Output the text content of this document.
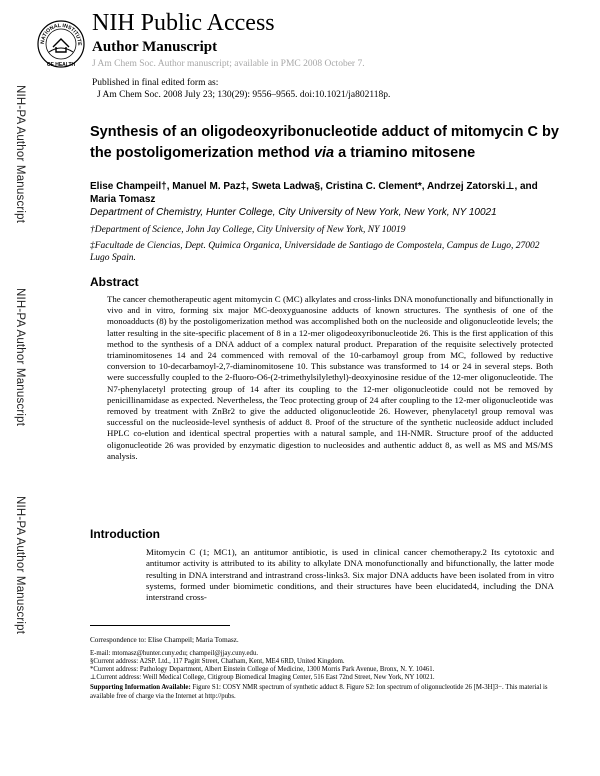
NIH-PA Author Manuscript
NIH-PA Author Manuscript
NIH-PA Author Manuscript
NATIONAL INSTITUTE
OF HEALTH
NIH Public Access
Author Manuscript
J Am Chem Soc. Author manuscript; available in PMC 2008 October 7.
Published in final edited form as:
J Am Chem Soc. 2008 July 23; 130(29): 9556–9565. doi:10.1021/ja802118p.
Synthesis of an oligodeoxyribonucleotide adduct of mitomycin C by the postoligomerization method via a triamino mitosene
Elise Champeil†, Manuel M. Paz‡, Sweta Ladwa§, Cristina C. Clement*, Andrzej Zatorski⊥, and Maria Tomasz
Department of Chemistry, Hunter College, City University of New York, New York, NY 10021
†Department of Science, John Jay College, City University of New York, NY 10019
‡Facultade de Ciencias, Dept. Quimica Organica, Universidade de Santiago de Compostela, Campus de Lugo, 27002 Lugo Spain.
Abstract
The cancer chemotherapeutic agent mitomycin C (MC) alkylates and cross-links DNA monofunctionally and bifunctionally in vivo and in vitro, forming six major MC-deoxyguanosine adducts of known structures. The synthesis of one of the monoadducts (8) by the postoligomerization method was accomplished both on the nucleoside and oligonucleotide levels; the latter resulting in the site-specific placement of 8 in a 12-mer oligodeoxyribonucleotide 26. This is the first application of this method to the synthesis of a DNA adduct of a complex natural product. Preparation of the requisite selectively protected triaminomitosenes 14 and 24 commenced with removal of the 10-carbamoyl group from MC, followed by reductive conversion to 10-decarbamoyl-2,7-diaminomitosene 10. This substance was transformed to 14 or 24 in several steps. Both were successfully coupled to the 2-fluoro-O6-(2-trimethylsilylethyl)-deoxyinosine residue of the 12-mer oligonucleotide. The N7-phenylacetyl protecting group of 14 after its coupling to the 12-mer oligonucleotide could not be removed by penicillinamidase as expected. Nevertheless, the Teoc protecting group of 24 after coupling to the 12-mer oligonucleotide was removed by treatment with ZnBr2 to give the adducted oligonucleotide 26. However, phenylacetyl group removal was successful on the nucleoside-level synthesis of adduct 8. Proof of the structure of the synthetic nucleoside adduct included HPLC co-elution and identical spectral properties with a natural sample, and 1H-NMR. Structure proof of the adducted oligonucleotide 26 was provided by enzymatic digestion to nucleosides and authentic adduct 8, as well as MS and MS/MS analysis.
Introduction
Mitomycin C (1; MC1), an antitumor antibiotic, is used in clinical cancer chemotherapy.2 Its cytotoxic and antitumor activity is attributed to its ability to alkylate DNA monofunctionally and bifunctionally, the latter mode resulting in DNA interstrand and intrastrand cross-links3. Six major DNA adducts have been isolated from in vitro systems, formed under biomimetic conditions, and their structures have been elucidated4, including the DNA interstrand cross-
Correspondence to: Elise Champeil; Maria Tomasz.
E-mail: mtomasz@hunter.cuny.edu; champeil@jjay.cuny.edu.
§Current address: A2SP. Ltd., 117 Pagitt Street, Chatham, Kent, ME4 6RD, United Kingdom.
*Current address: Pathology Department, Albert Einstein College of Medicine, 1300 Morris Park Avenue, Bronx, N. Y. 10461.
⊥Current address: Weill Medical College, Citigroup Biomedical Imaging Center, 516 East 72nd Street, New York, NY 10021.
Supporting Information Available: Figure S1: COSY NMR spectrum of synthetic adduct 8. Figure S2: Ion spectrum of oligonucleotide 26 [M-3H]3−. This material is available free of charge via the Internet at http://pubs.
